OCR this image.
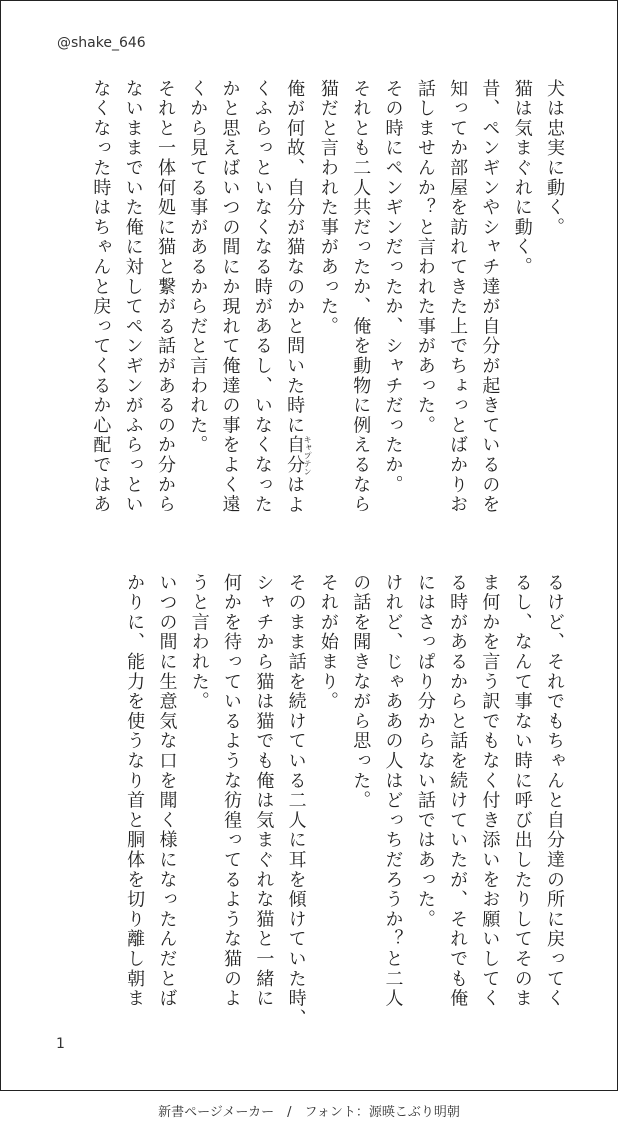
@shake_646

犬は忠実に動く。
猫は気まぐれに動く。
昔、ペンギンやシャチ達が自分が起きているのを
知ってか部屋を訪れてきた上でちょっとばかりお
話しませんか？と言われた事があった。
その時にペンギンだったか、シャチだったか。
それとも二人共だったか、俺を動物に例えるなら
猫だと言われた事があった。
俺が何故、自分が猫なのかと問いた時に自分キャプテンはよ
くふらっといなくなる時があるし、いなくなった
かと思えばいつの間にか現れて俺達の事をよく遠
くから見てる事があるからだと言われた。
それと一体何処に猫と繋がる話があるのか分から
ないままでいた俺に対してペンギンがふらっとい
なくなった時はちゃんと戻ってくるか心配ではあ
るけど、それでもちゃんと自分達の所に戻ってく
るし、なんて事ない時に呼び出したりしてそのま
ま何かを言う訳でもなく付き添いをお願いしてく
る時があるからと話を続けていたが、それでも俺
にはさっぱり分からない話ではあった。
けれど、じゃああの人はどっちだろうか？と二人
の話を聞きながら思った。
それが始まり。
そのまま話を続けている二人に耳を傾けていた時、
シャチから猫は猫でも俺は気まぐれな猫と一緒に
何かを待っているような彷徨ってるような猫のよ
うと言われた。
いつの間に生意気な口を聞く様になったんだとば
かりに、能力を使うなり首と胴体を切り離し朝ま

1

新書ページメーカー　/　フォント：源暎こぶり明朝
